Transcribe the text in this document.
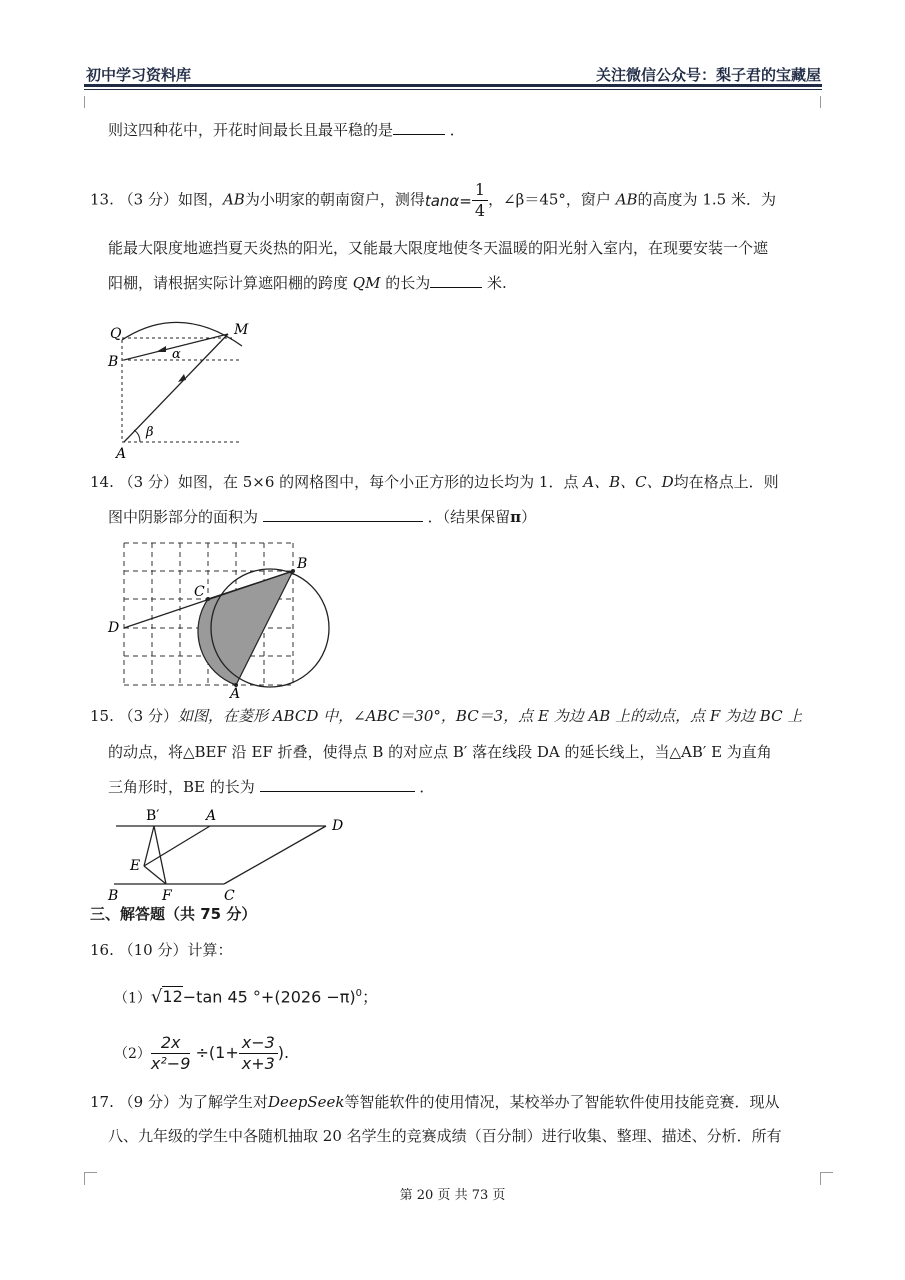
初中学习资料库	关注微信公众号：梨子君的宝藏屋
则这四种花中，开花时间最长且最平稳的是	．
13. （3 分）如图，AB为小明家的朝南窗户，测得$\tan\alpha= \frac{1}{4}$ ，∠β＝45°，窗户 AB的高度为 1.5 米．为
能最大限度地遮挡夏天炎热的阳光，又能最大限度地使冬天温暖的阳光射入室内，在现要安装一个遮
阳棚，请根据实际计算遮阳棚的跨度 QM 的长为	米.
Q	M
B
A
α
β
14. （3 分）如图，在 5×6 的网格图中，每个小正方形的边长均为 1．点 A、B、C、D均在格点上．则
图中阴影部分的面积为	．（结果保留π）
A
B
C
D
15. （3 分）如图，在菱形 ABCD 中，∠ABC＝30°，BC＝3，点 E 为边 AB 上的动点，点 F 为边 BC 上
的动点，将△BEF 沿 EF 折叠，使得点 B 的对应点 B′ 落在线段 DA 的延长线上，当△AB′ E 为直角
三角形时，BE 的长为	．
B′	A
D
E
B	F	C
三、解答题（共 75 分）
16. （10 分）计算：
（1）√12−tan 45 $^\circ+(2026 -\pi)^0$；
$(2) \frac{2x}{\text{x²−9}} \div(1+ \frac{x-3}{x+3}$ ).
17. （9 分）为了解学生对DeepSeek等智能软件的使用情况，某校举办了智能软件使用技能竞赛．现从
八、九年级的学生中各随机抽取 20 名学生的竞赛成绩（百分制）进行收集、整理、描述、分析．所有
第 20 页 共 73 页
